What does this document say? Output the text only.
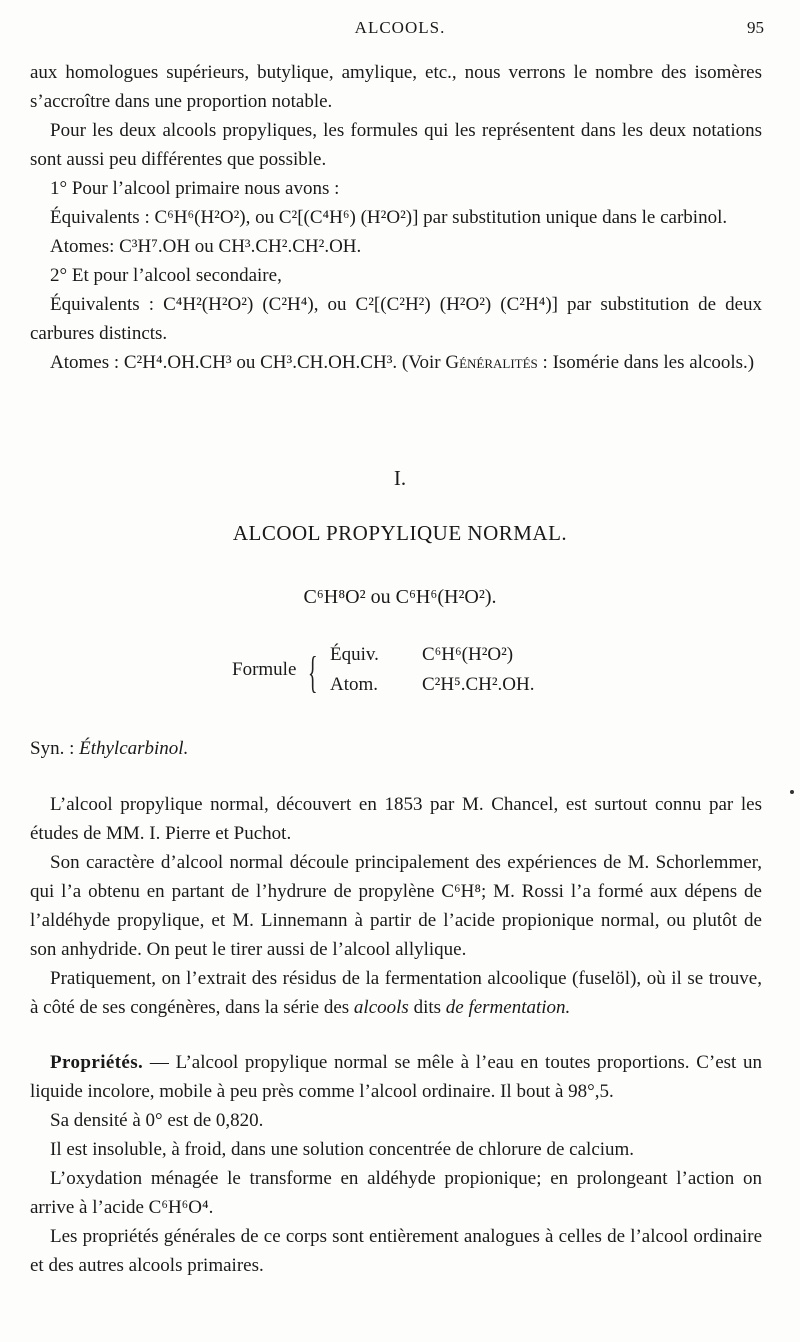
ALCOOLS.	95

aux homologues supérieurs, butylique, amylique, etc., nous verrons le nombre des isomères s’accroître dans une proportion notable.

Pour les deux alcools propyliques, les formules qui les représentent dans les deux notations sont aussi peu différentes que possible.

1° Pour l’alcool primaire nous avons :

Équivalents : C⁶H⁶(H²O²), ou C²[(C⁴H⁶) (H²O²)] par substitution unique dans le carbinol.

Atomes: C³H⁷.OH ou CH³.CH².CH².OH.

2° Et pour l’alcool secondaire,

Équivalents : C⁴H²(H²O²) (C²H⁴), ou C²[(C²H²) (H²O²) (C²H⁴)] par substitution de deux carbures distincts.

Atomes : C²H⁴.OH.CH³ ou CH³.CH.OH.CH³. (Voir Généralités : Isomérie dans les alcools.)

I.
ALCOOL PROPYLIQUE NORMAL.
C⁶H⁸O² ou C⁶H⁶(H²O²).
Formule { Équiv. C⁶H⁶(H²O²)
Atom. C²H⁵.CH².OH.
Syn. : Éthylcarbinol.

L’alcool propylique normal, découvert en 1853 par M. Chancel, est surtout connu par les études de MM. I. Pierre et Puchot.

Son caractère d’alcool normal découle principalement des expériences de M. Schorlemmer, qui l’a obtenu en partant de l’hydrure de propylène C⁶H⁸; M. Rossi l’a formé aux dépens de l’aldéhyde propylique, et M. Linnemann à partir de l’acide propionique normal, ou plutôt de son anhydride. On peut le tirer aussi de l’alcool allylique.

Pratiquement, on l’extrait des résidus de la fermentation alcoolique (fuselöl), où il se trouve, à côté de ses congénères, dans la série des alcools dits de fermentation.

Propriétés. — L’alcool propylique normal se mêle à l’eau en toutes proportions. C’est un liquide incolore, mobile à peu près comme l’alcool ordinaire. Il bout à 98°,5.

Sa densité à 0° est de 0,820.

Il est insoluble, à froid, dans une solution concentrée de chlorure de calcium.

L’oxydation ménagée le transforme en aldéhyde propionique; en prolongeant l’action on arrive à l’acide C⁶H⁶O⁴.

Les propriétés générales de ce corps sont entièrement analogues à celles de l’alcool ordinaire et des autres alcools primaires.
